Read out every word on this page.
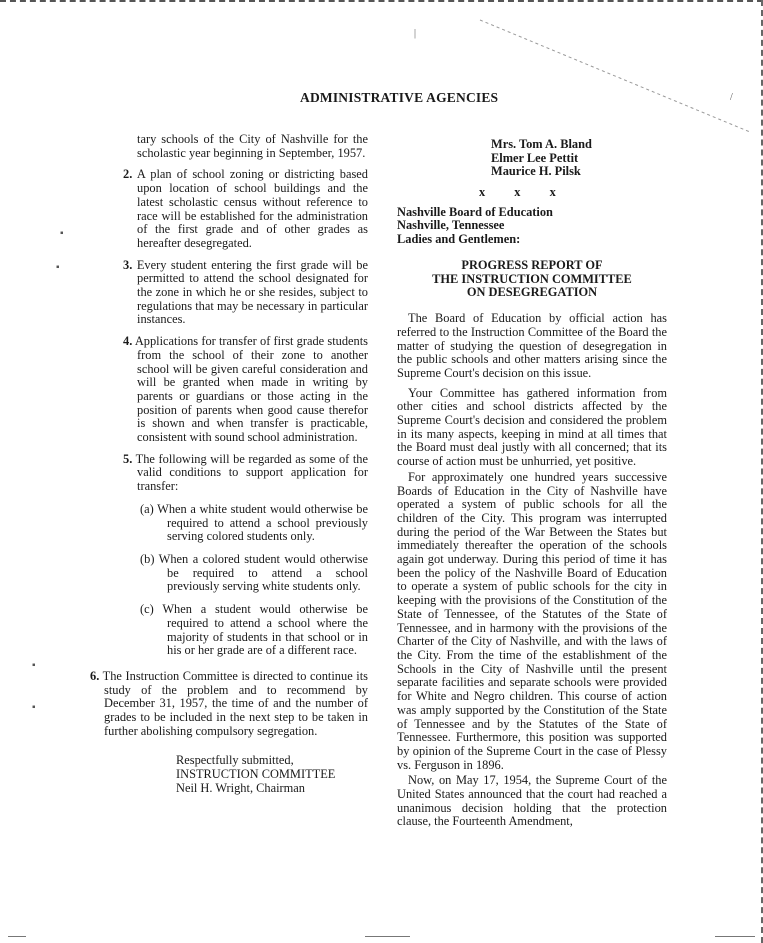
|
▪
▪
▪
▪
/
ADMINISTRATIVE AGENCIES

tary schools of the City of Nashville for the scholastic year beginning in September, 1957.

2. A plan of school zoning or districting based upon location of school buildings and the latest scholastic census without reference to race will be established for the administration of the first grade and of other grades as hereafter desegregated.

3. Every student entering the first grade will be permitted to attend the school designated for the zone in which he or she resides, subject to regulations that may be necessary in particular instances.

4. Applications for transfer of first grade students from the school of their zone to another school will be given careful consideration and will be granted when made in writing by parents or guardians or those acting in the position of parents when good cause therefor is shown and when transfer is practicable, consistent with sound school administration.

5. The following will be regarded as some of the valid conditions to support application for transfer:

(a) When a white student would otherwise be required to attend a school previously serving colored students only.

(b) When a colored student would otherwise be required to attend a school previously serving white students only.

(c) When a student would otherwise be required to attend a school where the majority of students in that school or in his or her grade are of a different race.

6. The Instruction Committee is directed to continue its study of the problem and to recommend by December 31, 1957, the time of and the number of grades to be included in the next step to be taken in further abolishing compulsory segregation.

Respectfully submitted,
INSTRUCTION COMMITTEE
Neil H. Wright, Chairman
Mrs. Tom A. Bland
Elmer Lee Pettit
Maurice H. Pilsk
x x x
Nashville Board of Education
Nashville, Tennessee
Ladies and Gentlemen:
PROGRESS REPORT OF
THE INSTRUCTION COMMITTEE
ON DESEGREGATION

The Board of Education by official action has referred to the Instruction Committee of the Board the matter of studying the question of desegregation in the public schools and other matters arising since the Supreme Court's decision on this issue.

Your Committee has gathered information from other cities and school districts affected by the Supreme Court's decision and considered the problem in its many aspects, keeping in mind at all times that the Board must deal justly with all concerned; that its course of action must be unhurried, yet positive.

For approximately one hundred years successive Boards of Education in the City of Nashville have operated a system of public schools for all the children of the City. This program was interrupted during the period of the War Between the States but immediately thereafter the operation of the schools again got underway. During this period of time it has been the policy of the Nashville Board of Education to operate a system of public schools for the city in keeping with the provisions of the Constitution of the State of Tennessee, of the Statutes of the State of Tennessee, and in harmony with the provisions of the Charter of the City of Nashville, and with the laws of the City. From the time of the establishment of the Schools in the City of Nashville until the present separate facilities and separate schools were provided for White and Negro children. This course of action was amply supported by the Constitution of the State of Tennessee and by the Statutes of the State of Tennessee. Furthermore, this position was supported by opinion of the Supreme Court in the case of Plessy vs. Ferguson in 1896.

Now, on May 17, 1954, the Supreme Court of the United States announced that the court had reached a unanimous decision holding that the protection clause, the Fourteenth Amendment,
